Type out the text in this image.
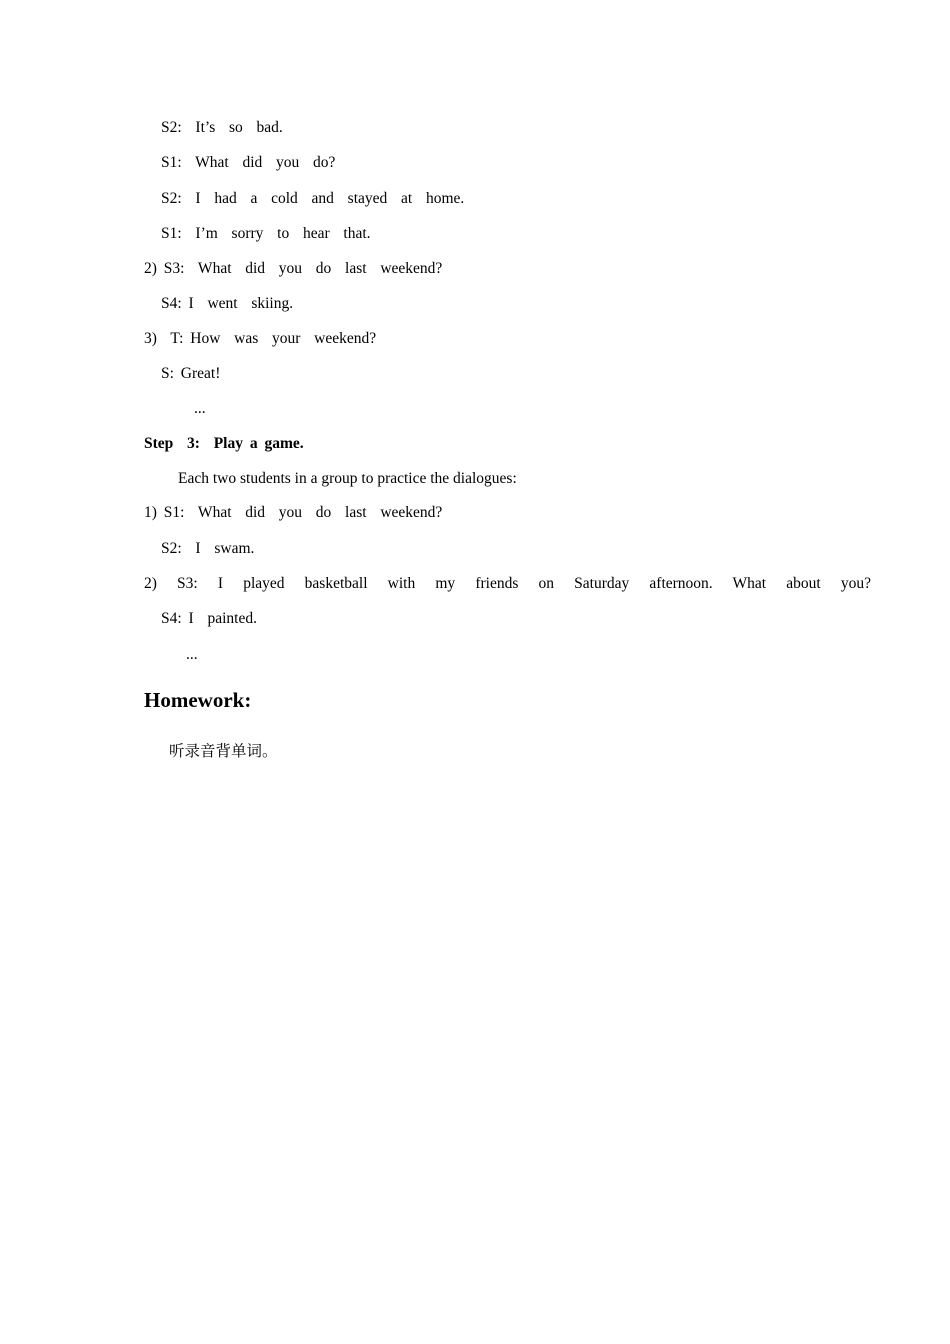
S2:  It’s  so  bad.
S1:  What  did  you  do?
S2:  I  had  a  cold  and  stayed  at  home.
S1:  I’m  sorry  to  hear  that.
2) S3:  What  did  you  do  last  weekend?
S4: I  went  skiing.
3)  T: How  was  your  weekend?
S: Great!
...
Step  3:  Play a game.
Each two students in a group to practice the dialogues:
1) S1:  What  did  you  do  last  weekend?
S2:  I  swam.
2)  S3:  I  played  basketball  with  my  friends  on  Saturday  afternoon.  What  about  you?
S4: I  painted.
...
Homework:
听录音背单词。
